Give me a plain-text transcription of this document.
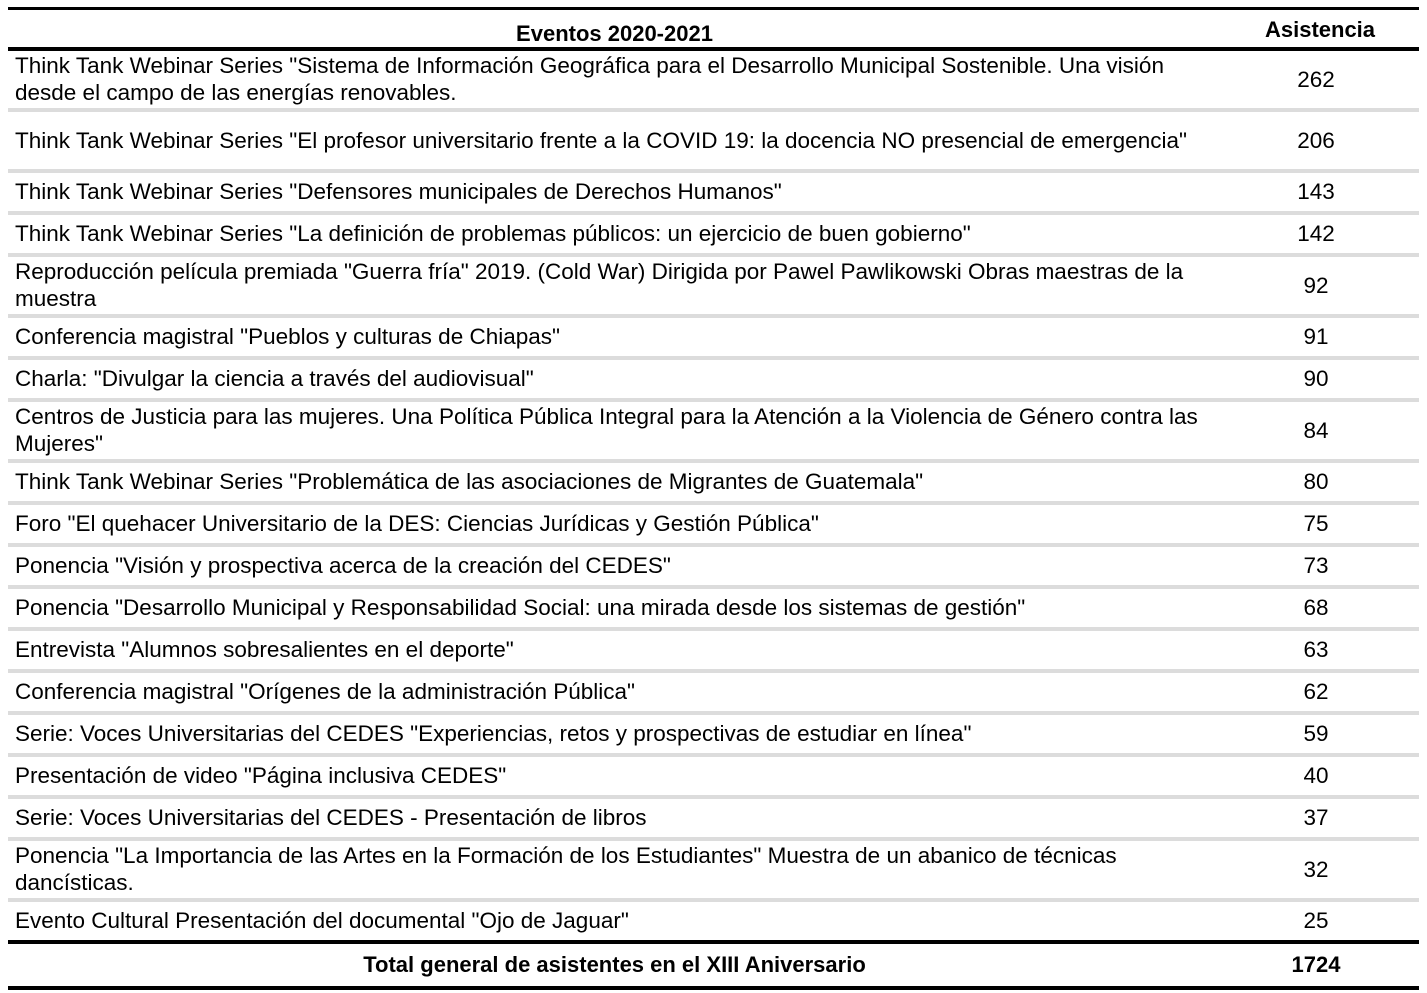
Eventos 2020-2021	Asistencia
Think Tank Webinar Series "Sistema de Información Geográfica para el Desarrollo Municipal Sostenible. Una visión desde el campo de las energías renovables.	262
Think Tank Webinar Series "El profesor universitario frente a la COVID 19: la docencia NO presencial de emergencia"	206
Think Tank Webinar Series "Defensores municipales de Derechos Humanos"	143
Think Tank Webinar Series "La definición de problemas públicos: un ejercicio de buen gobierno"	142
Reproducción película premiada "Guerra fría" 2019. (Cold War) Dirigida por Pawel Pawlikowski Obras maestras de la muestra	92
Conferencia magistral "Pueblos y culturas de Chiapas"	91
Charla: "Divulgar la ciencia a través del audiovisual"	90
Centros de Justicia para las mujeres. Una Política Pública Integral para la Atención a la Violencia de Género contra las Mujeres"	84
Think Tank Webinar Series "Problemática de las asociaciones de Migrantes de Guatemala"	80
Foro "El quehacer Universitario de la DES: Ciencias Jurídicas y Gestión Pública"	75
Ponencia "Visión y prospectiva acerca de la creación del CEDES"	73
Ponencia "Desarrollo Municipal y Responsabilidad Social: una mirada desde los sistemas de gestión"	68
Entrevista "Alumnos sobresalientes en el deporte"	63
Conferencia magistral "Orígenes de la administración Pública"	62
Serie: Voces Universitarias del CEDES "Experiencias, retos y prospectivas de estudiar en línea"	59
Presentación de video "Página inclusiva CEDES"	40
Serie: Voces Universitarias del CEDES - Presentación de libros	37
Ponencia "La Importancia de las Artes en la Formación de los Estudiantes" Muestra de un abanico de técnicas dancísticas.	32
Evento Cultural Presentación del documental "Ojo de Jaguar"	25
Total general de asistentes en el XIII Aniversario	1724
